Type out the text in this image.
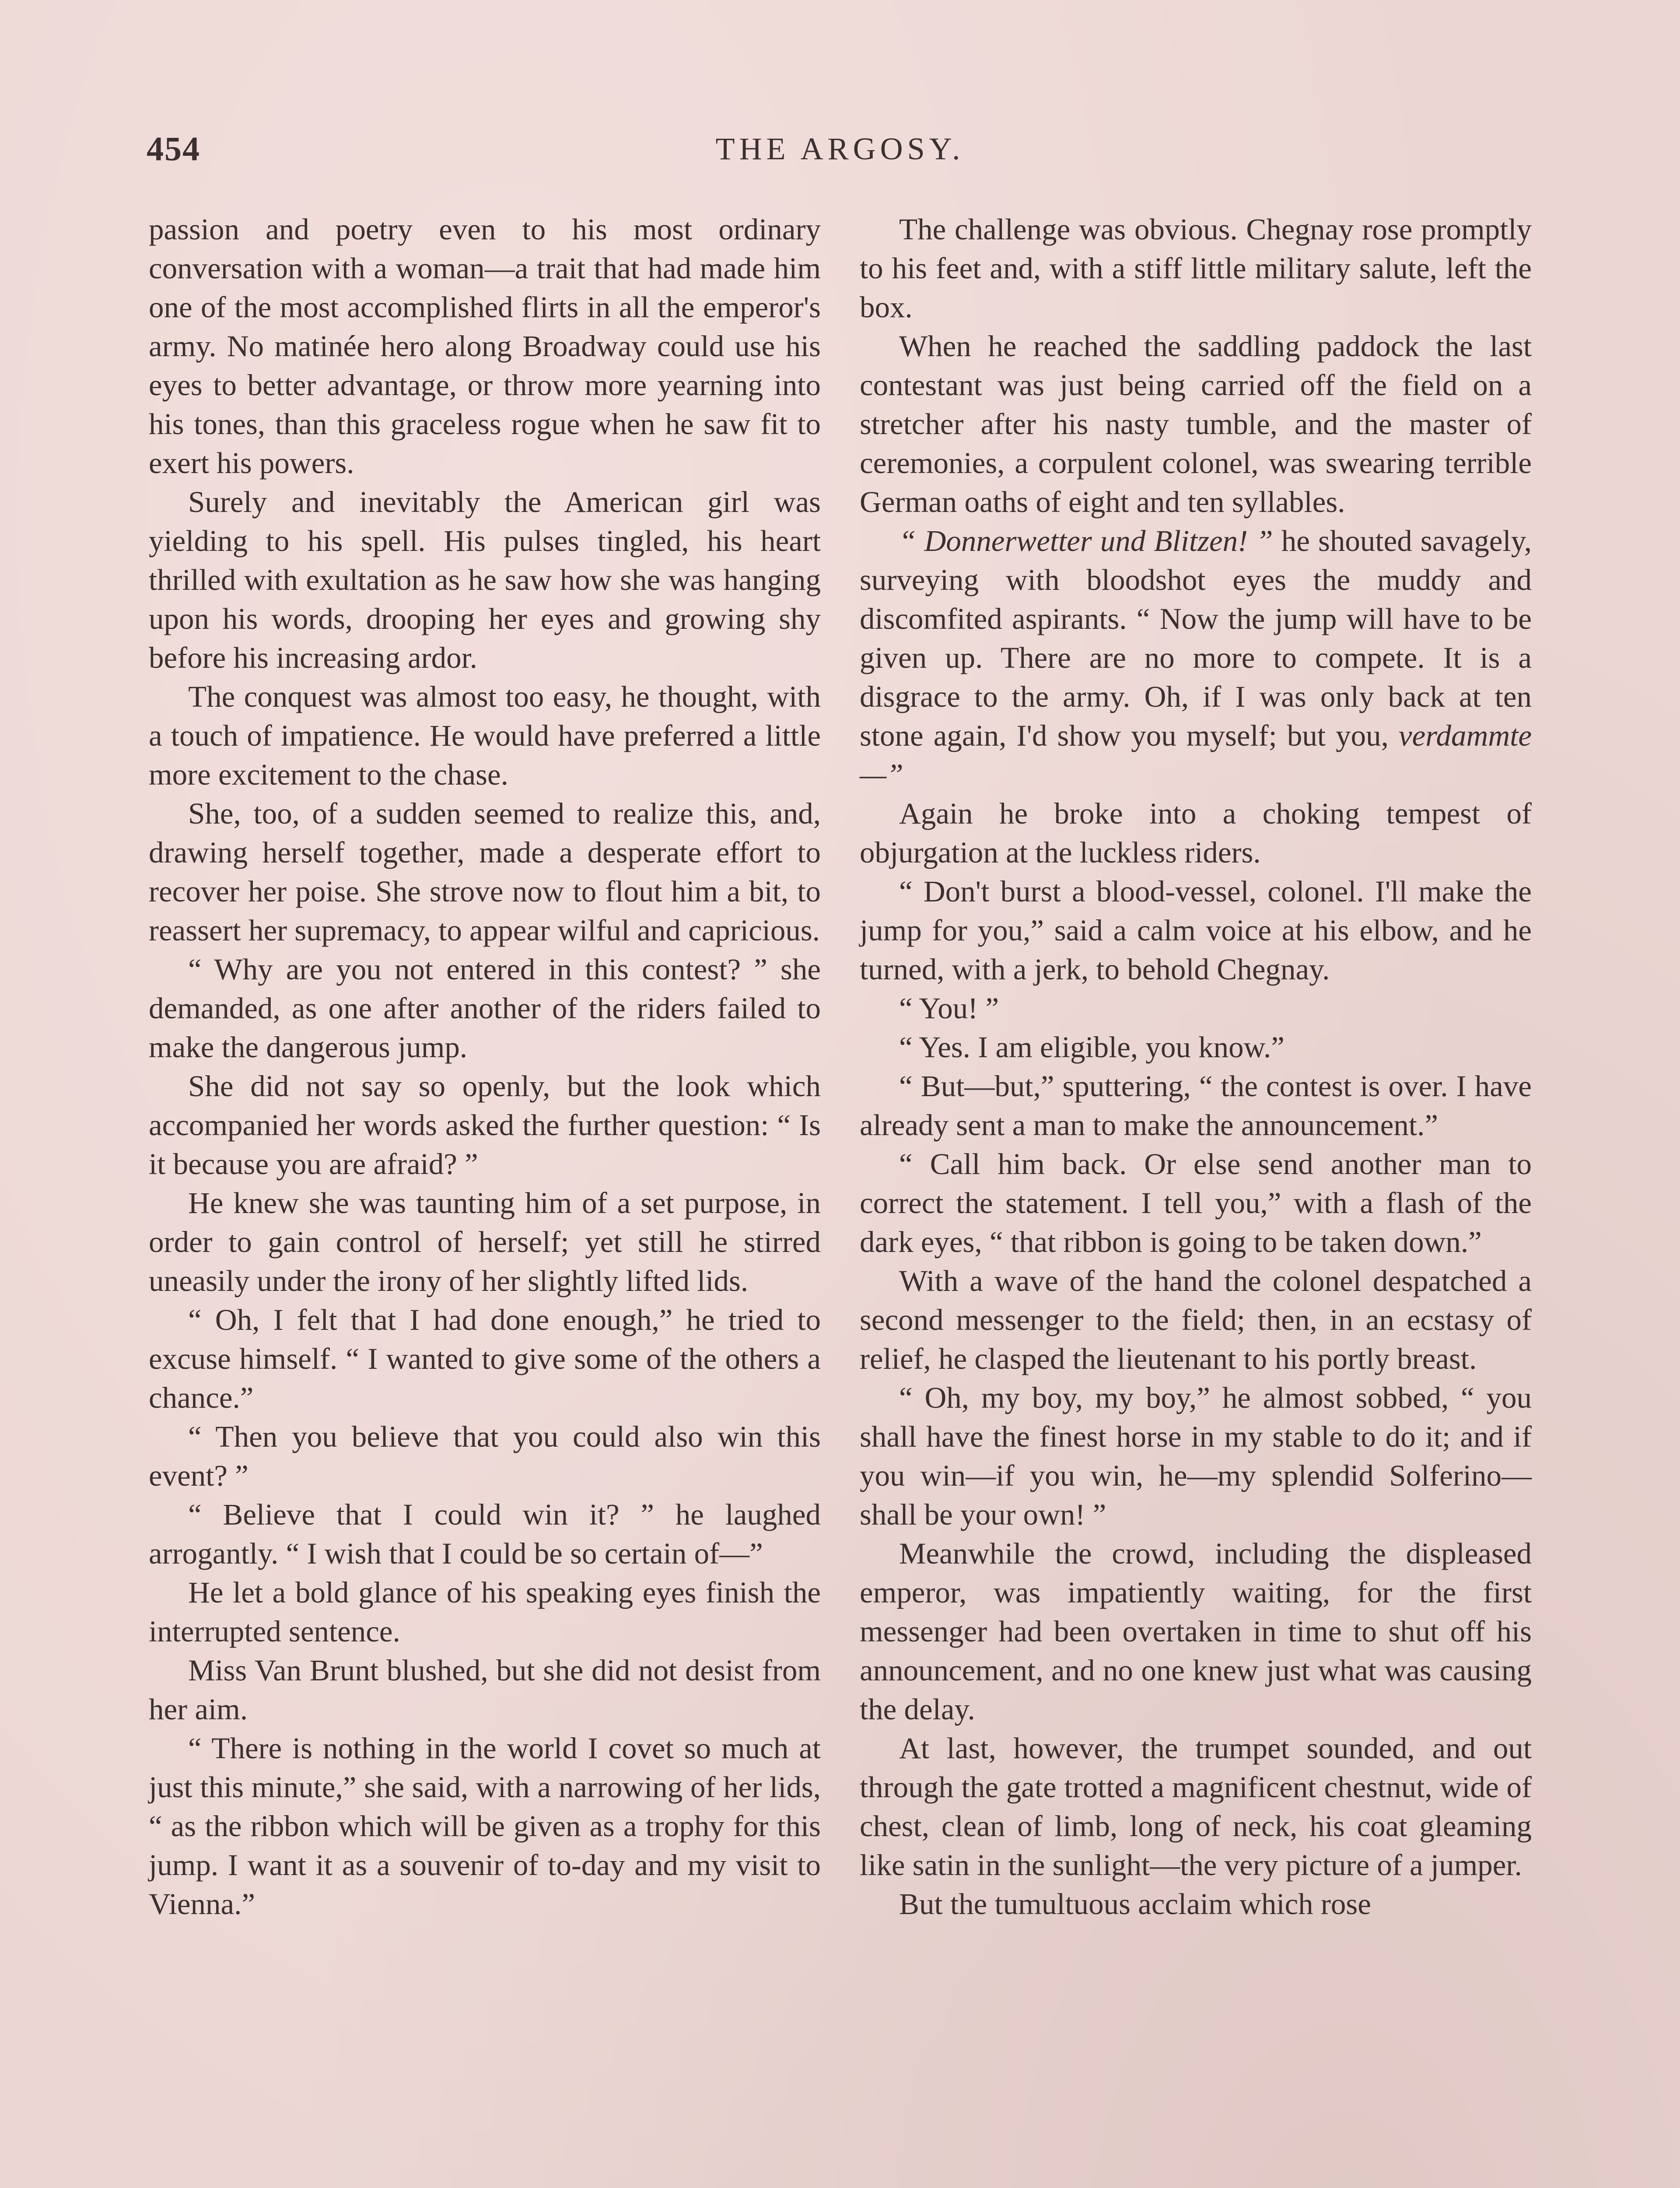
454	THE ARGOSY.

passion and poetry even to his most ordinary conversation with a woman—a trait that had made him one of the most accomplished flirts in all the emperor's army. No matinée hero along Broadway could use his eyes to better advantage, or throw more yearning into his tones, than this graceless rogue when he saw fit to exert his powers.

Surely and inevitably the American girl was yielding to his spell. His pulses tingled, his heart thrilled with exultation as he saw how she was hanging upon his words, drooping her eyes and growing shy before his increasing ardor.

The conquest was almost too easy, he thought, with a touch of impatience. He would have preferred a little more excitement to the chase.

She, too, of a sudden seemed to realize this, and, drawing herself together, made a desperate effort to recover her poise. She strove now to flout him a bit, to reassert her supremacy, to appear wilful and capricious.

“ Why are you not entered in this contest? ” she demanded, as one after another of the riders failed to make the dangerous jump.

She did not say so openly, but the look which accompanied her words asked the further question: “ Is it because you are afraid? ”

He knew she was taunting him of a set purpose, in order to gain control of herself; yet still he stirred uneasily under the irony of her slightly lifted lids.

“ Oh, I felt that I had done enough,” he tried to excuse himself. “ I wanted to give some of the others a chance.”

“ Then you believe that you could also win this event? ”

“ Believe that I could win it? ” he laughed arrogantly. “ I wish that I could be so certain of—”

He let a bold glance of his speaking eyes finish the interrupted sentence.

Miss Van Brunt blushed, but she did not desist from her aim.

“ There is nothing in the world I covet so much at just this minute,” she said, with a narrowing of her lids, “ as the ribbon which will be given as a trophy for this jump. I want it as a souvenir of to-day and my visit to Vienna.”

The challenge was obvious. Chegnay rose promptly to his feet and, with a stiff little military salute, left the box.

When he reached the saddling paddock the last contestant was just being carried off the field on a stretcher after his nasty tumble, and the master of ceremonies, a corpulent colonel, was swearing terrible German oaths of eight and ten syllables.

“ Donnerwetter und Blitzen! ” he shouted savagely, surveying with bloodshot eyes the muddy and discomfited aspirants. “ Now the jump will have to be given up. There are no more to compete. It is a disgrace to the army. Oh, if I was only back at ten stone again, I'd show you myself; but you, verdammte—”

Again he broke into a choking tempest of objurgation at the luckless riders.

“ Don't burst a blood-vessel, colonel. I'll make the jump for you,” said a calm voice at his elbow, and he turned, with a jerk, to behold Chegnay.

“ You! ”

“ Yes. I am eligible, you know.”

“ But—but,” sputtering, “ the contest is over. I have already sent a man to make the announcement.”

“ Call him back. Or else send another man to correct the statement. I tell you,” with a flash of the dark eyes, “ that ribbon is going to be taken down.”

With a wave of the hand the colonel despatched a second messenger to the field; then, in an ecstasy of relief, he clasped the lieutenant to his portly breast.

“ Oh, my boy, my boy,” he almost sobbed, “ you shall have the finest horse in my stable to do it; and if you win—if you win, he—my splendid Solferino—shall be your own! ”

Meanwhile the crowd, including the displeased emperor, was impatiently waiting, for the first messenger had been overtaken in time to shut off his announcement, and no one knew just what was causing the delay.

At last, however, the trumpet sounded, and out through the gate trotted a magnificent chestnut, wide of chest, clean of limb, long of neck, his coat gleaming like satin in the sunlight—the very picture of a jumper.

But the tumultuous acclaim which rose
